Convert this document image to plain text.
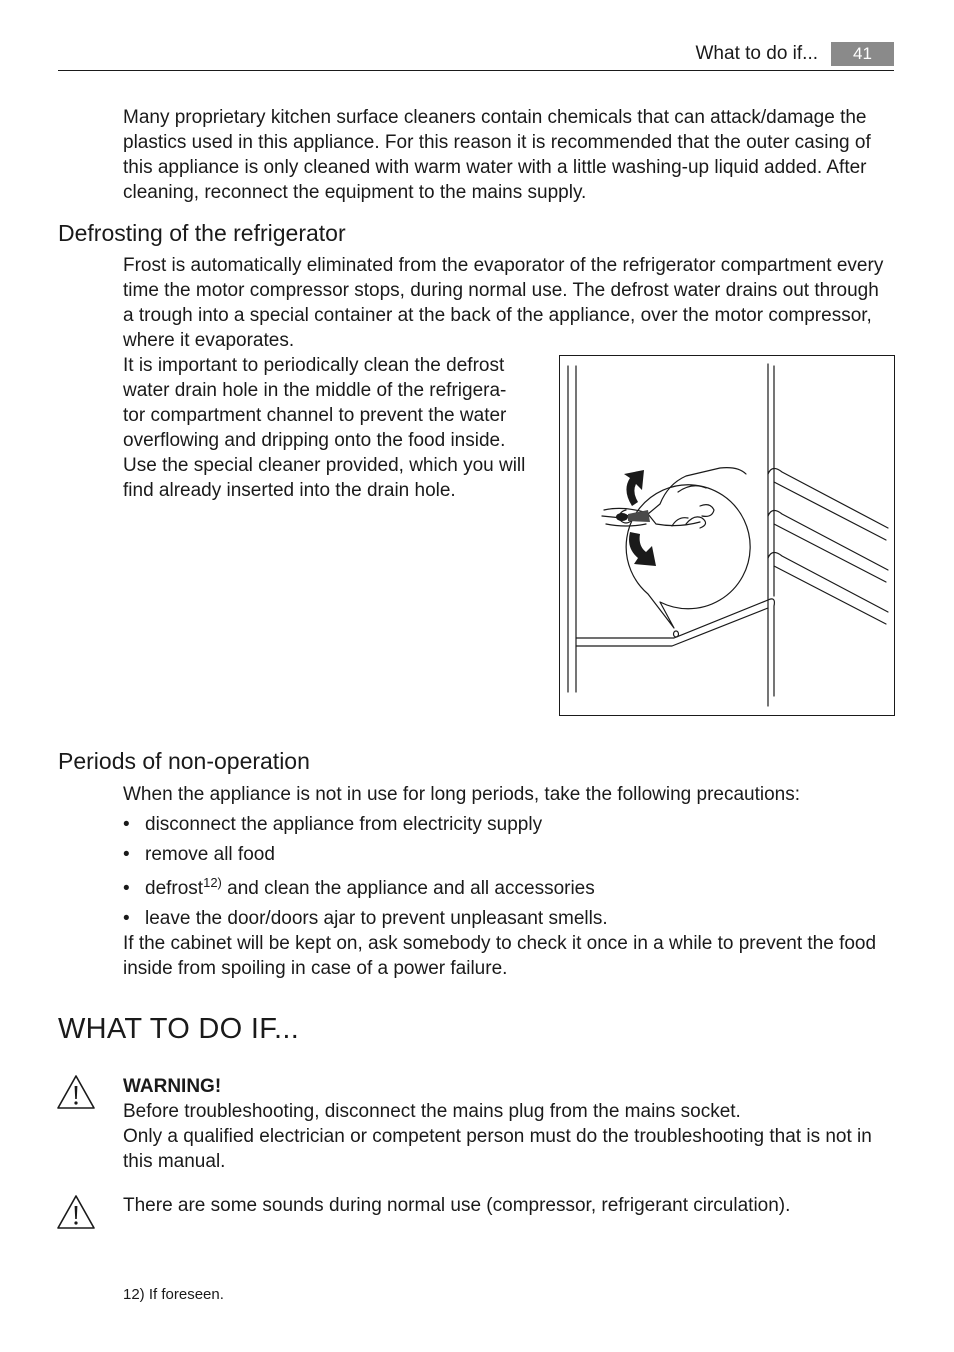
What to do if...	41

Many proprietary kitchen surface cleaners contain chemicals that can attack/damage the plastics used in this appliance. For this reason it is recommended that the outer casing of this appliance is only cleaned with warm water with a little washing-up liquid added. After cleaning, reconnect the equipment to the mains supply.

Defrosting of the refrigerator

Frost is automatically eliminated from the evaporator of the refrigerator compartment every time the motor compressor stops, during normal use. The defrost water drains out through a trough into a special container at the back of the appliance, over the motor compressor, where it evaporates.

It is important to periodically clean the defrost
water drain hole in the middle of the refrigera-
tor compartment channel to prevent the water
overflowing and dripping onto the food inside.
Use the special cleaner provided, which you will
find already inserted into the drain hole.
Periods of non-operation

When the appliance is not in use for long periods, take the following precautions:

• disconnect the appliance from electricity supply
• remove all food
• defrost$^{12)}$ and clean the appliance and all accessories
• leave the door/doors ajar to prevent unpleasant smells.

If the cabinet will be kept on, ask somebody to check it once in a while to prevent the food inside from spoiling in case of a power failure.

WHAT TO DO IF...
WARNING!

Before troubleshooting, disconnect the mains plug from the mains socket.

Only a qualified electrician or competent person must do the troubleshooting that is not in this manual.

There are some sounds during normal use (compressor, refrigerant circulation).

12) If foreseen.
